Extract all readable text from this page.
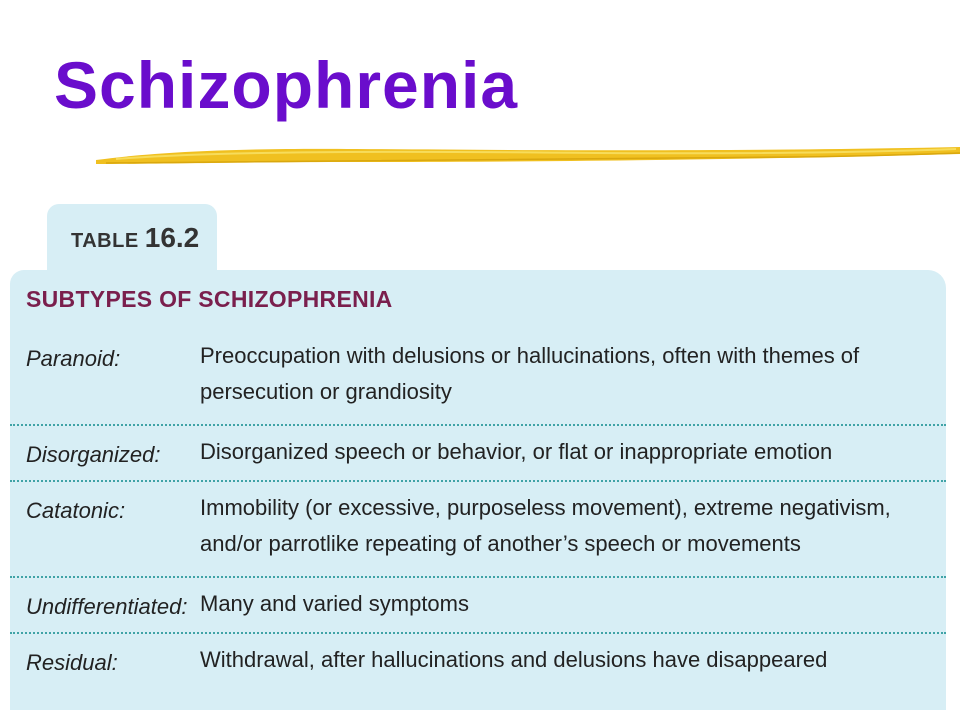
Schizophrenia
TABLE 16.2
SUBTYPES OF SCHIZOPHRENIA
Paranoid:	Preoccupation with delusions or hallucinations, often with themes of persecution or grandiosity
Disorganized: Disorganized speech or behavior, or flat or inappropriate emotion
Catatonic:	Immobility (or excessive, purposeless movement), extreme negativism, and/or parrotlike repeating of another’s speech or movements
Undifferentiated: Many and varied symptoms
Residual:	Withdrawal, after hallucinations and delusions have disappeared
